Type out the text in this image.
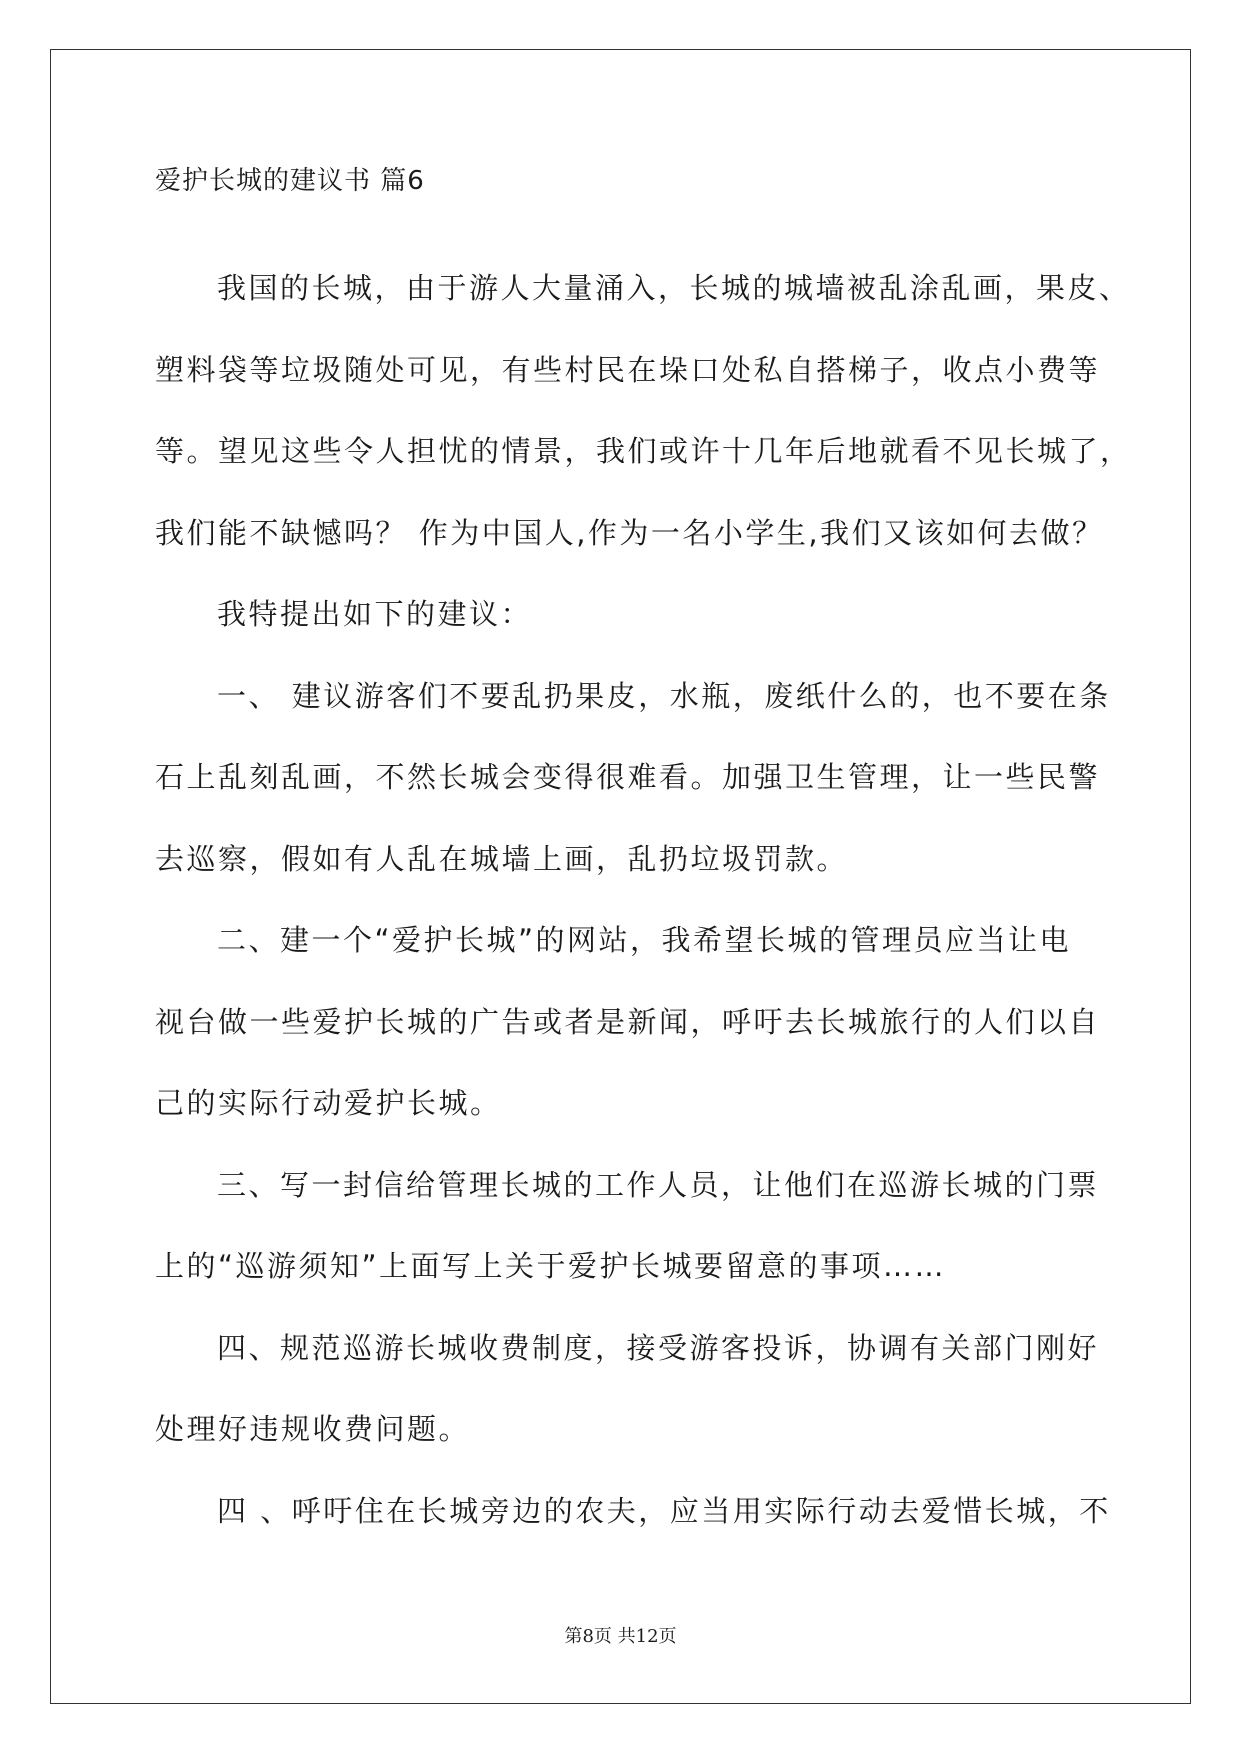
爱护长城的建议书 篇6
我国的长城，由于游人大量涌入，长城的城墙被乱涂乱画，果皮、
塑料袋等垃圾随处可见，有些村民在垛口处私自搭梯子，收点小费等
等。望见这些令人担忧的情景，我们或许十几年后地就看不见长城了，
我们能不缺憾吗？ 作为中国人,作为一名小学生,我们又该如何去做？
我特提出如下的建议：
一、 建议游客们不要乱扔果皮，水瓶，废纸什么的，也不要在条
石上乱刻乱画，不然长城会变得很难看。加强卫生管理，让一些民警
去巡察，假如有人乱在城墙上画，乱扔垃圾罚款。
二、建一个“爱护长城”的网站，我希望长城的管理员应当让电
视台做一些爱护长城的广告或者是新闻，呼吁去长城旅行的人们以自
己的实际行动爱护长城。
三、写一封信给管理长城的工作人员，让他们在巡游长城的门票
上的“巡游须知”上面写上关于爱护长城要留意的事项……
四、规范巡游长城收费制度，接受游客投诉，协调有关部门刚好
处理好违规收费问题。
四 、呼吁住在长城旁边的农夫，应当用实际行动去爱惜长城，不
第8页 共12页
